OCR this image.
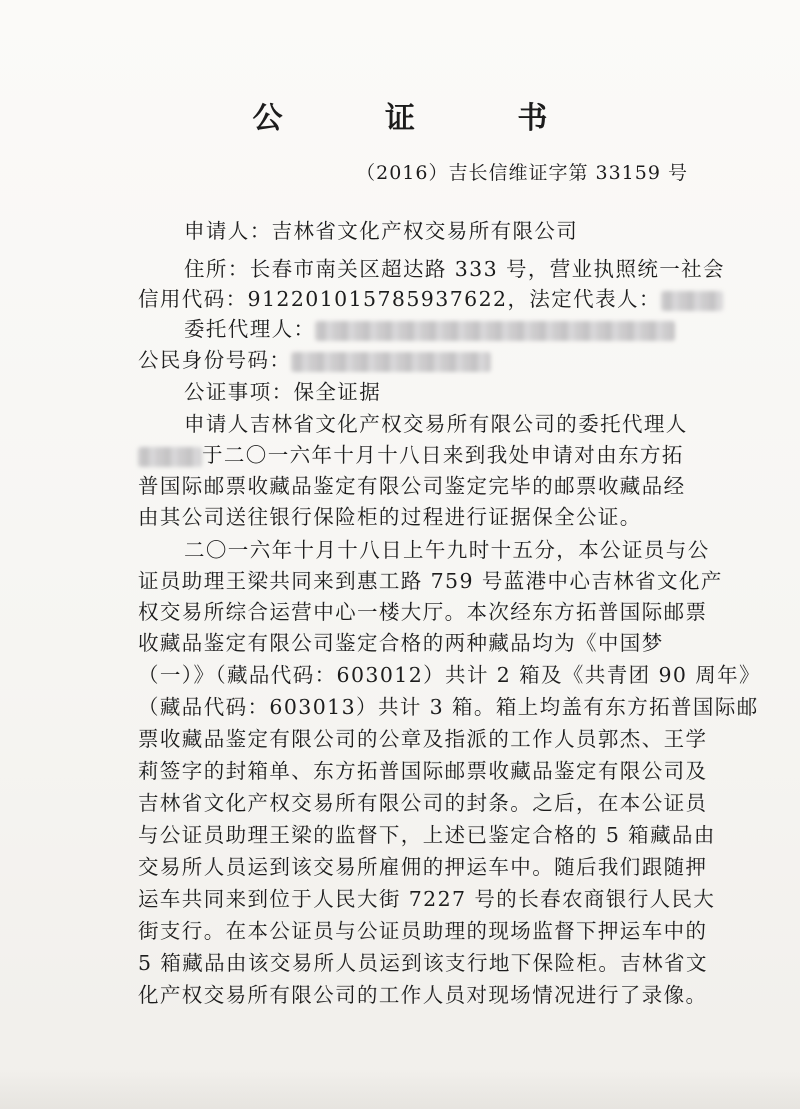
公 证 书
（2016）吉长信维证字第 33159 号
申请人：吉林省文化产权交易所有限公司
住所：长春市南关区超达路 333 号，营业执照统一社会
信用代码：912201015785937622，法定代表人：
委托代理人：
公民身份号码：
公证事项：保全证据
申请人吉林省文化产权交易所有限公司的委托代理人
于二〇一六年十月十八日来到我处申请对由东方拓
普国际邮票收藏品鉴定有限公司鉴定完毕的邮票收藏品经
由其公司送往银行保险柜的过程进行证据保全公证。
二〇一六年十月十八日上午九时十五分，本公证员与公
证员助理王梁共同来到惠工路 759 号蓝港中心吉林省文化产
权交易所综合运营中心一楼大厅。本次经东方拓普国际邮票
收藏品鉴定有限公司鉴定合格的两种藏品均为《中国梦
（一）》（藏品代码：603012）共计 2 箱及《共青团 90 周年》
（藏品代码：603013）共计 3 箱。箱上均盖有东方拓普国际邮
票收藏品鉴定有限公司的公章及指派的工作人员郭杰、王学
莉签字的封箱单、东方拓普国际邮票收藏品鉴定有限公司及
吉林省文化产权交易所有限公司的封条。之后，在本公证员
与公证员助理王梁的监督下，上述已鉴定合格的 5 箱藏品由
交易所人员运到该交易所雇佣的押运车中。随后我们跟随押
运车共同来到位于人民大街 7227 号的长春农商银行人民大
街支行。在本公证员与公证员助理的现场监督下押运车中的
5 箱藏品由该交易所人员运到该支行地下保险柜。吉林省文
化产权交易所有限公司的工作人员对现场情况进行了录像。
